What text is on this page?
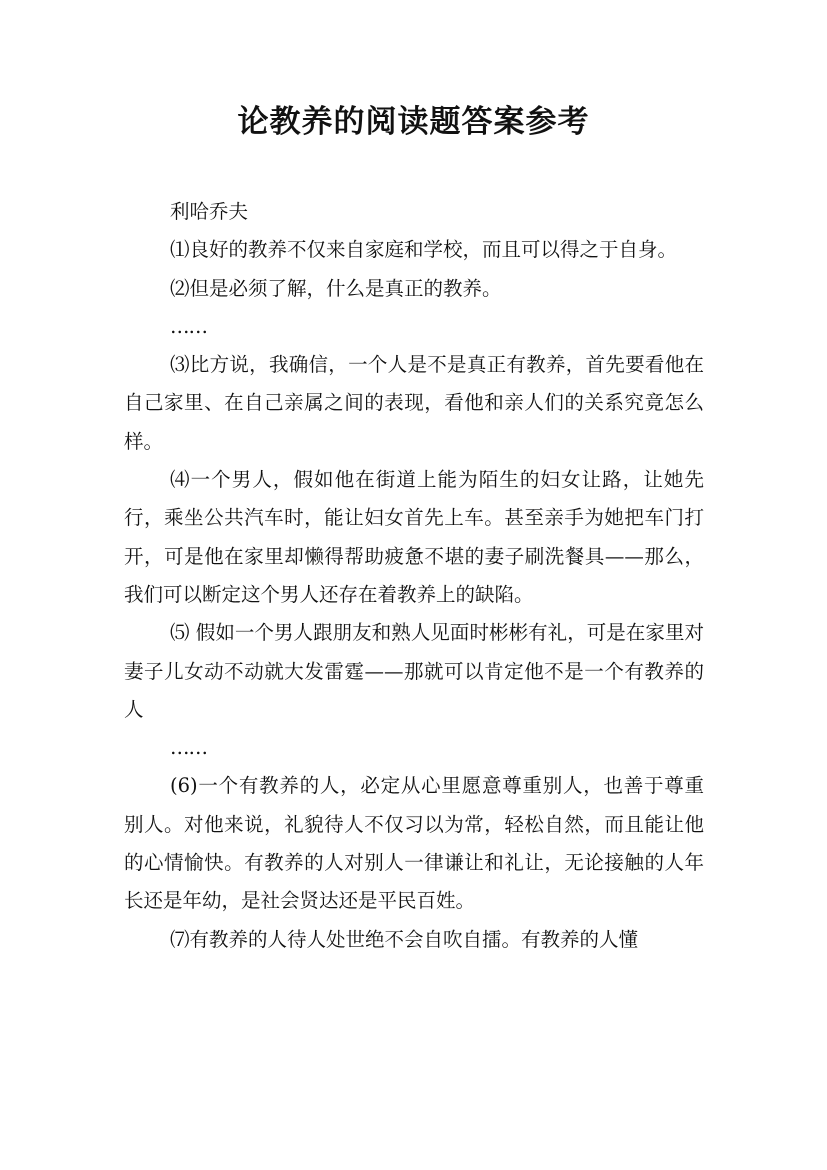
论教养的阅读题答案参考

利哈乔夫

⑴良好的教养不仅来自家庭和学校，而且可以得之于自身。

⑵但是必须了解，什么是真正的教养。

……

⑶比方说，我确信，一个人是不是真正有教养，首先要看他在自己家里、在自己亲属之间的表现，看他和亲人们的关系究竟怎么样。

⑷一个男人，假如他在街道上能为陌生的妇女让路，让她先行，乘坐公共汽车时，能让妇女首先上车。甚至亲手为她把车门打开，可是他在家里却懒得帮助疲惫不堪的妻子刷洗餐具——那么，我们可以断定这个男人还存在着教养上的缺陷。

⑸ 假如一个男人跟朋友和熟人见面时彬彬有礼，可是在家里对妻子儿女动不动就大发雷霆——那就可以肯定他不是一个有教养的人

……

(6)一个有教养的人，必定从心里愿意尊重别人，也善于尊重别人。对他来说，礼貌待人不仅习以为常，轻松自然，而且能让他的心情愉快。有教养的人对别人一律谦让和礼让，无论接触的人年长还是年幼，是社会贤达还是平民百姓。

⑺有教养的人待人处世绝不会自吹自擂。有教养的人懂
